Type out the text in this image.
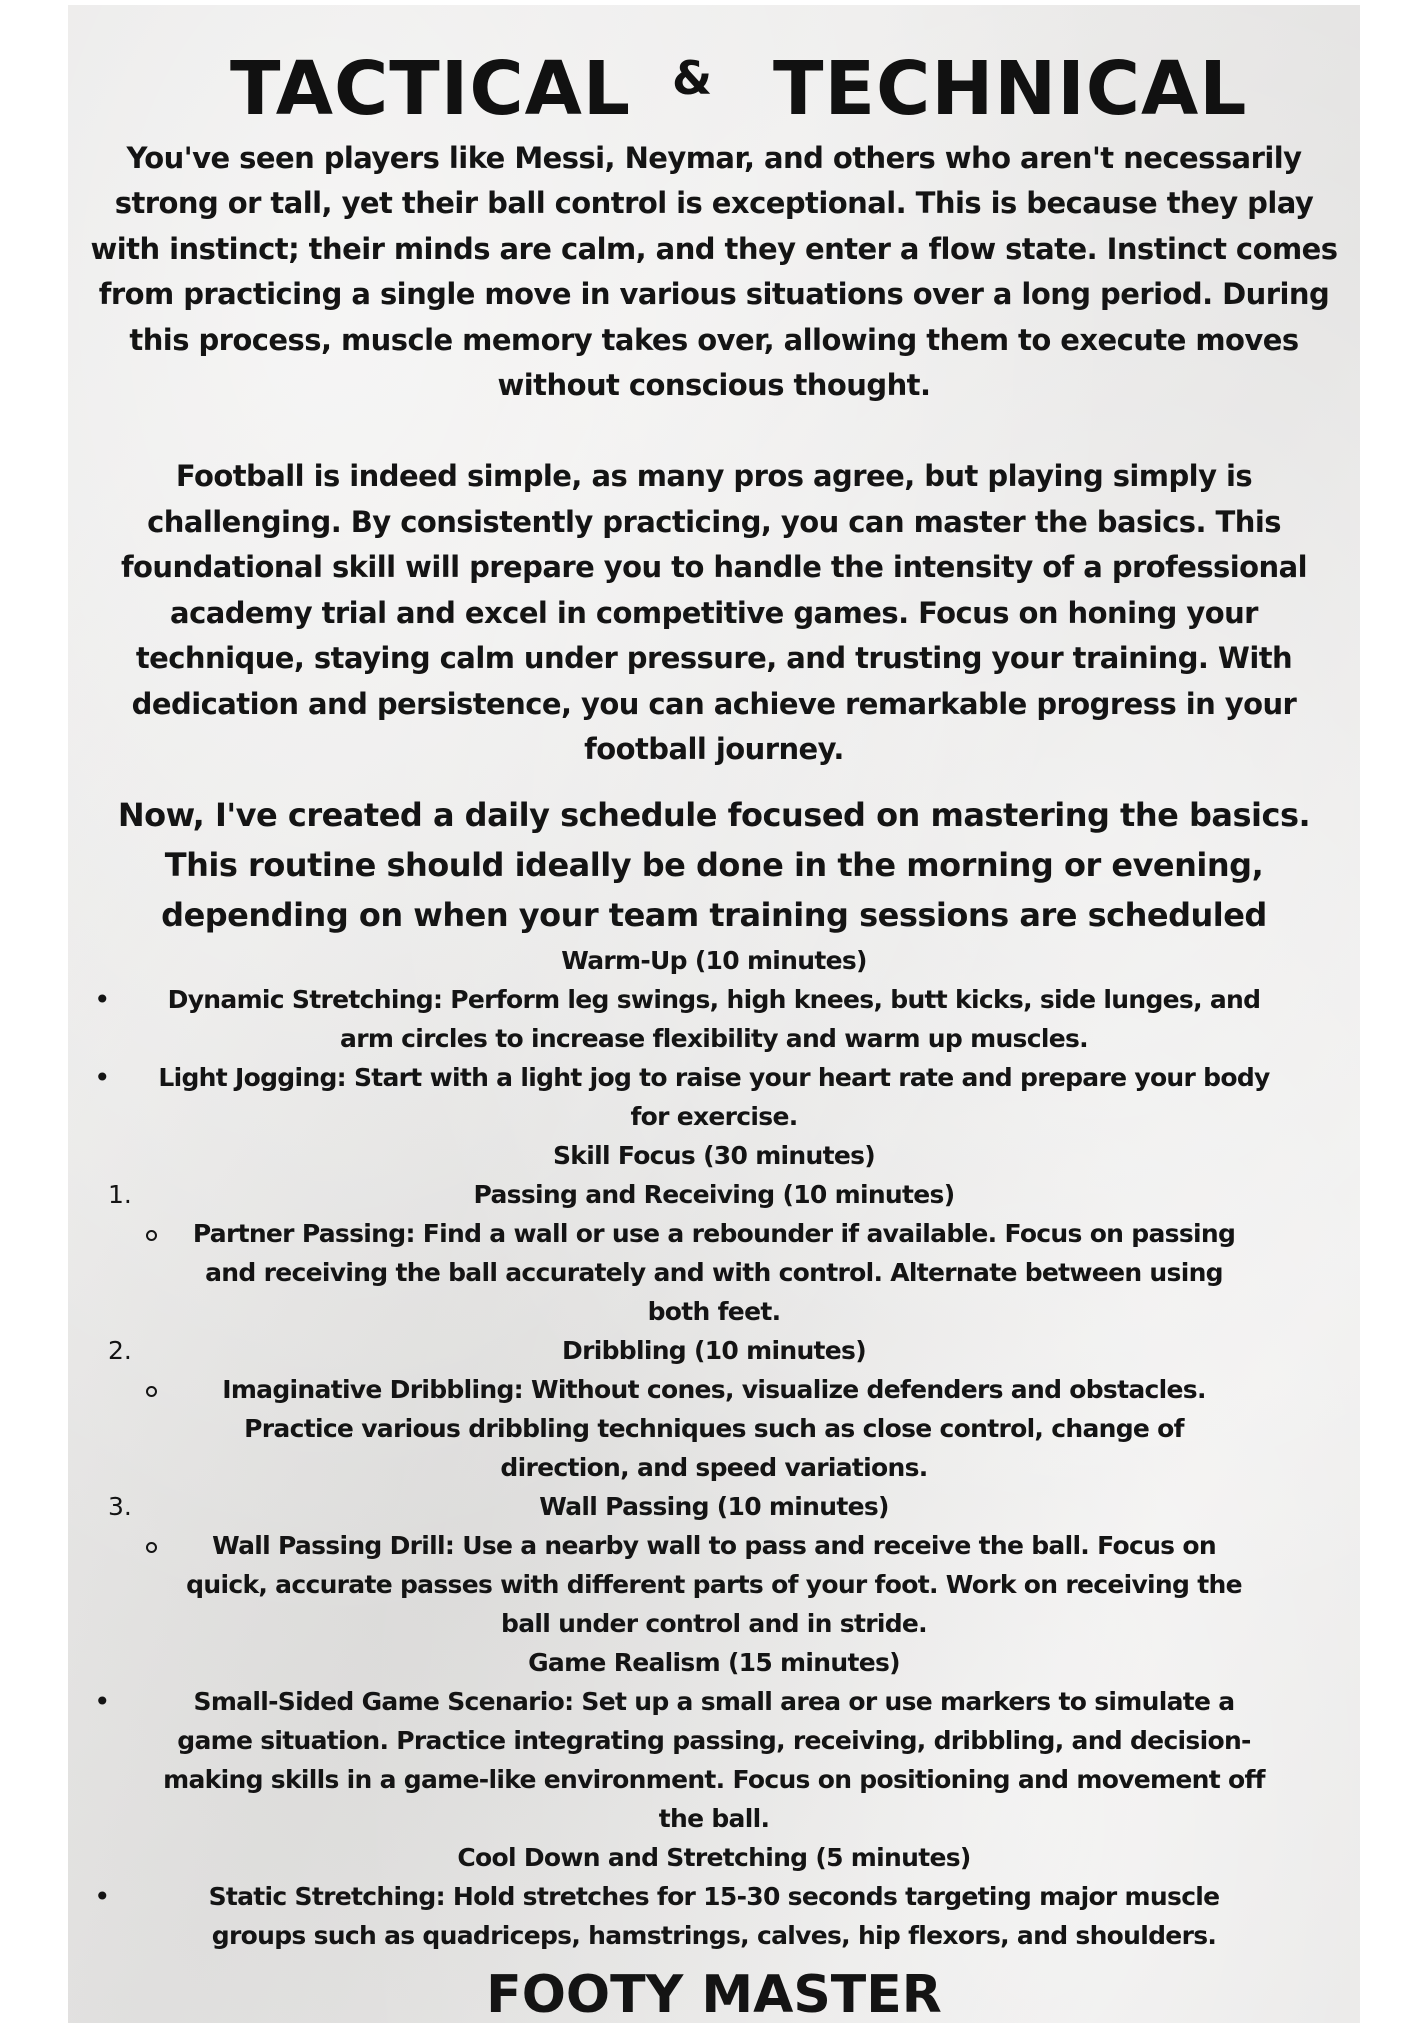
TACTICAL & TECHNICAL
You've seen players like Messi, Neymar, and others who aren't necessarily
strong or tall, yet their ball control is exceptional. This is because they play
with instinct; their minds are calm, and they enter a flow state. Instinct comes
from practicing a single move in various situations over a long period. During
this process, muscle memory takes over, allowing them to execute moves
without conscious thought.
Football is indeed simple, as many pros agree, but playing simply is
challenging. By consistently practicing, you can master the basics. This
foundational skill will prepare you to handle the intensity of a professional
academy trial and excel in competitive games. Focus on honing your
technique, staying calm under pressure, and trusting your training. With
dedication and persistence, you can achieve remarkable progress in your
football journey.
Now, I've created a daily schedule focused on mastering the basics.
This routine should ideally be done in the morning or evening,
depending on when your team training sessions are scheduled
Warm-Up (10 minutes)
•	Dynamic Stretching: Perform leg swings, high knees, butt kicks, side lunges, and
arm circles to increase flexibility and warm up muscles.
•	Light Jogging: Start with a light jog to raise your heart rate and prepare your body
for exercise.
Skill Focus (30 minutes)
1.	Passing and Receiving (10 minutes)
Partner Passing: Find a wall or use a rebounder if available. Focus on passing
and receiving the ball accurately and with control. Alternate between using
both feet.
2.	Dribbling (10 minutes)
Imaginative Dribbling: Without cones, visualize defenders and obstacles.
Practice various dribbling techniques such as close control, change of
direction, and speed variations.
3.	Wall Passing (10 minutes)
Wall Passing Drill: Use a nearby wall to pass and receive the ball. Focus on
quick, accurate passes with different parts of your foot. Work on receiving the
ball under control and in stride.
Game Realism (15 minutes)
•	Small-Sided Game Scenario: Set up a small area or use markers to simulate a
game situation. Practice integrating passing, receiving, dribbling, and decision-
making skills in a game-like environment. Focus on positioning and movement off
the ball.
Cool Down and Stretching (5 minutes)
•	Static Stretching: Hold stretches for 15-30 seconds targeting major muscle
groups such as quadriceps, hamstrings, calves, hip flexors, and shoulders.
FOOTY MASTER
